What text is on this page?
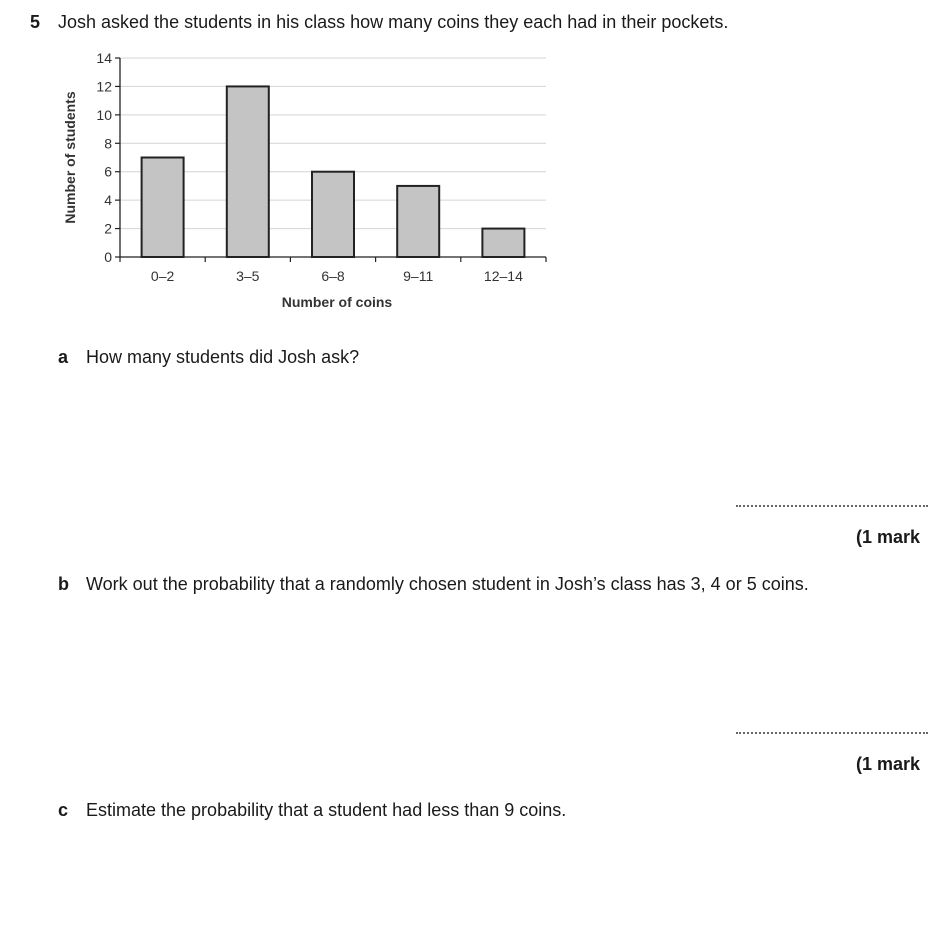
5 Josh asked the students in his class how many coins they each had in their pockets.
0
2
4
6
8
10
12
14
0–2	3–5	6–8	9–11	12–14
Number of coins
Number of students
a How many students did Josh ask?
(1 mark
b Work out the probability that a randomly chosen student in Josh’s class has 3, 4 or 5 coins.
(1 mark
c Estimate the probability that a student had less than 9 coins.
